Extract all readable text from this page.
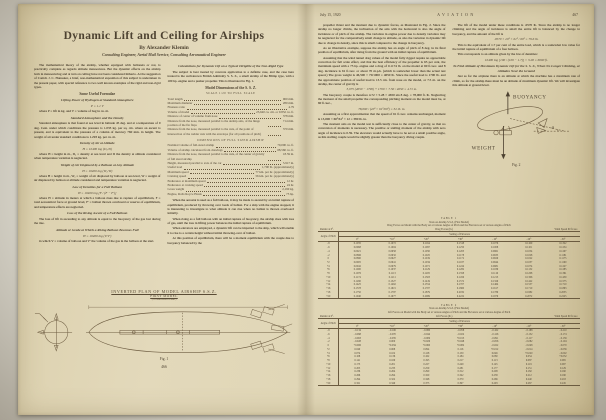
Dynamic Lift and Ceiling for Airships
By Alexander Klemin
Consulting Engineer, Aerial Mail Service, Consulting Aeronautical Engineer
The mathematical theory of the airship, whether equipped with ballonets or not, is practically complete as regards altitude manoeuvres. But the dynamic effects on the airship both in manoeuvring and at turn on ceiling have not been considered hitherto. At the suggestion of Comdr. J. C. Hunsaker, a brief, non-mathematical exposition of this subject is undertaken in the present paper, with special reference to two well known examples of the rigid and non-rigid types.
Some Useful Formulae
Lifting Power of Hydrogen at Standard Atmosphere
P = 1.1 V
where P = lift in kg. and V = volume of bag in cu. m.
Standard Atmosphere and the Density
Standard atmosphere is that found at sea level in latitude 45 deg. and at a temperature of 0 deg. Cent. under which conditions the pressure is 1.033 kg. per sq. cm. where an ascent is present, and is equivalent to the pressure of a column of mercury 760 mm. in height. The weight of air under standard conditions is 1.293 kg. per cu. m.
Density of Air at Altitude
H = 10400 log (D₀/D)
where H = height in m., D₀ = density at sea level and D the density at altitude considered when temperature variation is neglected.
Weight of Air Displaced by a Balloon at Any Altitude
H = 10400 log (W₀/W)
where H = height in m., W₀ = weight of air displaced by balloon at sea level, W = weight of air displaced by balloon at altitude considered and temperature variation is neglected.
Law of Densities for a Full Balloon
H = 10400 log [F / (F − F′)]
where H = altitude in meters at which a balloon rises due to rupture of equilibrium, F = total aerostatical force at ground level, F′ = ballast thrown overboard or reserve of equilibrium, and temperature effects are neglected.
Loss of the Rising Ascent of a Full Balloon
The loss of lift in ascending to any altitude is equal to the buoyancy of the gas lost during the rise.
Altitude or Grade at Which a Rising Balloon Becomes Full
H = 10400 log (V/V′)
in which V = volume of balloon and V′ the volume of the gas in the balloon at the start.
Calculations for Dynamic Lift on a Typical Dirigible of the Non-Rigid Type
The subject is best treated by concrete application to a definite case, and the case here treated is the well-known British Admiralty S. S. Z., a small airship of the Blimp type, with a 100 hp. engine and a pusher propeller. This is illustrated in Fig. 1.
Model Dimensions of the S. S. Z.
SCALE 1/20 TO FULL SCALE
Total length	960 mm.
Maximum diameter	280 mm.
Fineness ratio	4.79
Volume of model	23,640 cu. cm. or 0.832 cu. ft.
Distance of center of volume from nose	378 mm.
Distance from the nose, measured parallel to the airship axis, of the hinge position of the fin flaps
714 mm.
Distance from the nose, measured parallel to the axis, of the point of intersection of the rudder axis with the envelope (for all positions of pitch)
370 mm.
DIMENSIONS OF FULL SIZED AIRSHIP
Nominal volume of full-sized airship	70,000 cu. ft.
Volume of airship calculated from drawings	68,560 cu. ft.
Distance from the nose, measured parallel to the axis, of the center of gravity of full sized airship
18.59 m.
Height, measured parallel to axis of the car	5.917 m.
Useful load	1,700 lb. (approximately)
Maximum speed	77 km. per hr. (approximately)
Cruising speed	56 km. per hr. (approximately)
Endurance at maximum speed	12 hr.
Endurance at cruising speed	24 hr.
Gross weight	2,190 kg.
Engine, Rolls Royce Hawk	75 hp.
When the aerostat is used as a full balloon, it may be made to ascend by an initial rupture of equilibrium, produced by throwing over loads of ballast. For a ship with the engine stopped, it is interesting to investigate to what altitude it can rise when no ballast is thrown overboard initially.
When rising as a full balloon with an initial rupture of buoyancy, the airship rises with loss of gas, until the loss in lifting power balances the initial rupture of equilibrium.
When elevators are employed, a dynamic lift can be imparted to the ship, which will enable it to rise to a certain height without initial throwing-over of ballast.
At this position of equilibrium, there will be a moment equilibrium with the couple due to buoyancy balanced by the
INVERTED PLAN OF MODEL AIRSHIP S.S.Z.
FIRST MODEL
(All dimensions in mm.)
Fig. 1
466
July 15, 1920	AVIATION	467
propeller thrust and the moment due to dynamic forces, as illustrated in Fig. 2. Since the airship no longer climbs, the inclination of the axis with the horizontal is also the angle of incidence or of pitch of the airship. The variation in engine power due to density variation may be neglected for the comparatively small change in altitude, as also the variation in dynamic lift due to change in density, since this is small compared to the change in buoyancy.
As an illustrative example, suppose the airship has an angle of pitch of 8 deg. in its final position of equilibrium, after rising from the ground with an initial rupture of equilibrium.
Assuming that the wind tunnel drag values of the model fully rigged require no appreciable correction for full scale effect, and that the best efficiency of the propeller is 65 per cent, the maximum speed with a 75 hp. engine and a drag of 0.1174 lb. on the model at 60 ft./sec. and 8 deg. incidence is 61 ft./sec. or about 70 m.p.h. (which is somewhat lower than the actual test speed.) The gross weight is 46,500 × 70/1000 = 4650 lb. Since the useful load is 1700 lb. and the approximate position of useful load is 13.5 cm. from nose on the model, or 7.5 m. on the airship, the center of gravity is
3,975 (4650 − 1790) + 1790 × 7.50 / 4650 = 4.71 m.
The buoyancy couple is therefore 4.72 × 5.28 × 4650 sin 8 deg. = 78,000 ft. lb. Neglecting the moment of the small propeller the corresponding pitching moment on the model must be, at 60 ft./sec.,
78,000 / (20³ × 61²/60²) = 32 lb. in.
Assuming as a first approximation that the speed of 61 ft./sec. remains unchanged, moment is 13,000 × 60²/61² × 12 = 380 lb. in.
The moment axis on the model test is sufficiently close to the center of gravity, so that no conversion of moments is necessary. The positive or stalling moment of the airship with zero angle of incidence is 0.59. The elevators would actually have to be set at a small positive angle, as this stalling couple would be slightly greater than the buoyancy diving couple.
The lift of the model under these conditions is .0570 lb. Since the airship is no longer climbing and the angle of incidence is small the entire lift is balanced by the change in buoyancy, and the amount of the lift is
.0570 × 20³ × 61² / 60² = 79.6 lb.
This is the equivalent of 1.7 per cent of the entire load, which is a somewhat low value for the initial rupture of equilibrium of a free balloon.
This corresponds to an altitude given by the law of densities:
10400 log [100 / (100 − 1.7)] × 3.28 = 6000 ft.
To Find Altitude of Maximum Dynamic Lift for the S. S. Z., When No Longer Climbing, at Altitudes Near the Ground
Just as for the airplane there is an altitude at which the machine has a maximum rate of climb, so for the airship there must be an altitude of maximum dynamic lift. We will investigate this altitude at ground level.
BUOYANCY
WEIGHT
θ
Fig. 2
TABLE 1
Tests on Airship S.S.Z. (First Model)
Drag Forces on Model with the Body set at various Angles of Pitch and the Elevators set at various Angles of Pitch
Rudder at 0°.	Drag Forces (lb.)	Wind Speed 60 ft./sec.
Angle of Pitch	Setting of Elevators						
	0°	+10°	+20°	+30°	−10°	−20°	−30°
−8	0.1035	0.1072	0.1164	0.1318	0.1076	0.1169	0.1322
−6	0.0968	0.1004	0.1097	0.1250	0.1008	0.1101	0.1254
−4	0.0921	0.0958	0.1050	0.1203	0.0961	0.1054	0.1207
−2	0.0896	0.0932	0.1025	0.1178	0.0935	0.1028	0.1181
0	0.0890	0.0927	0.1019	0.1172	0.0929	0.1022	0.1175
+2	0.0905	0.0941	0.1034	0.1187	0.0944	0.1037	0.1190
+4	0.0942	0.0979	0.1071	0.1224	0.0981	0.1074	0.1227
+6	0.1000	0.1037	0.1129	0.1282	0.1039	0.1132	0.1285
+8	0.1076	0.1113	0.1205	0.1358	0.1116	0.1208	0.1361
+10	0.1174	0.1211	0.1303	0.1456	0.1213	0.1306	0.1459
+12	0.1290	0.1327	0.1419	0.1572	0.1329	0.1422	0.1575
+14	0.1425	0.1462	0.1554	0.1707	0.1464	0.1557	0.1710
+16	0.1578	0.1615	0.1707	0.1860	0.1617	0.1710	0.1863
+18	0.1750	0.1787	0.1879	0.2032	0.1789	0.1882	0.2035
+20	0.1940	0.1977	0.2069	0.2222	0.1979	0.2072	0.2225
TABLE 2
Tests on Airship S.S.Z. (First Model)
Lift Forces on Model with the Body set at various Angles of Pitch and the Elevators set at various Angles of Pitch
Rudder at 0°.	Lift Forces (lb.)	Wind Speed 60 ft./sec.
Angle of Pitch	Setting of Elevators						
	0°	+10°	+20°	+30°	−10°	−20°	−30°
−8	−0.134	−0.106	−0.080	−0.058	−0.162	−0.188	−0.210
−6	−0.098	−0.070	−0.044	−0.022	−0.126	−0.152	−0.174
−4	−0.063	−0.035	−0.009	+0.013	−0.091	−0.117	−0.139
−2	−0.028	0.000	+0.026	+0.048	−0.056	−0.082	−0.104
0	+0.006	+0.034	+0.060	+0.082	−0.022	−0.048	−0.070
+2	0.040	0.068	0.094	0.116	+0.012	−0.014	−0.036
+4	0.074	0.102	0.128	0.150	0.046	+0.020	−0.002
+6	0.108	0.136	0.162	0.184	0.080	0.054	+0.032
+8	0.141	0.169	0.195	0.217	0.113	0.087	0.065
+10	0.173	0.201	0.227	0.249	0.145	0.119	0.097
+12	0.205	0.233	0.259	0.281	0.177	0.151	0.129
+14	0.236	0.264	0.290	0.312	0.208	0.182	0.160
+16	0.266	0.294	0.320	0.342	0.238	0.212	0.190
+18	0.294	0.322	0.348	0.370	0.266	0.240	0.218
+20	0.321	0.349	0.375	0.397	0.293	0.267	0.245
